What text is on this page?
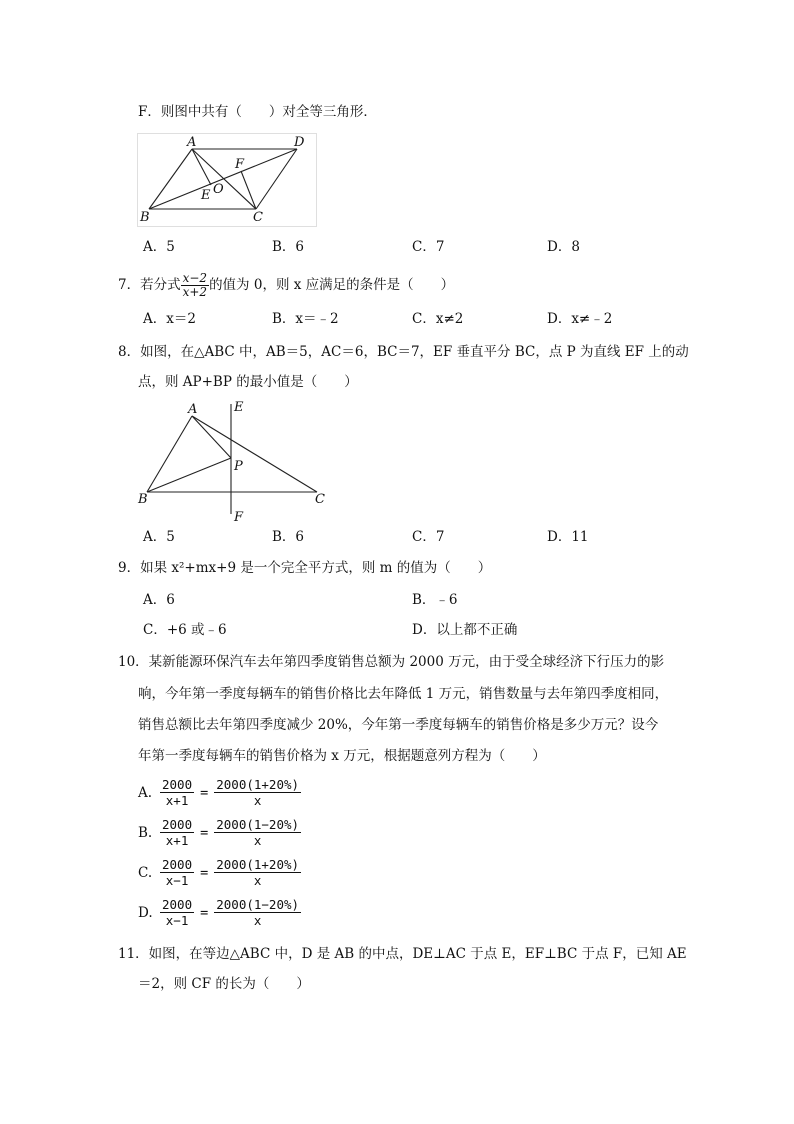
F．则图中共有（　　）对全等三角形．
A	D
F
E O
B	C
A．5	B．6	C．7	D．8
7．若分式 $\frac{x-2}{x+2}$ 的值为 0，则 x 应满足的条件是（　　）
A．x＝2	B．x＝﹣2	C．x≠2	D．x≠﹣2
8．如图，在△ABC 中，AB＝5，AC＝6，BC＝7，EF 垂直平分 BC，点 P 为直线 EF 上的动
点，则 AP+BP 的最小值是（　　）
A	E
P
B	C
F
A．5	B．6	C．7	D．11
9．如果 x²+mx+9 是一个完全平方式，则 m 的值为（　　）
A．6	B．﹣6
C．+6 或﹣6	D．以上都不正确
10．某新能源环保汽车去年第四季度销售总额为 2000 万元，由于受全球经济下行压力的影
响，今年第一季度每辆车的销售价格比去年降低 1 万元，销售数量与去年第四季度相同，
销售总额比去年第四季度减少 20%，今年第一季度每辆车的销售价格是多少万元？设今
年第一季度每辆车的销售价格为 x 万元，根据题意列方程为（　　）
A. $\frac{2000}{x+1} = \frac{2000(1+20\%)}{x}$
B. $\frac{2000}{x+1} = \frac{2000(1-20\%)}{x}$
C. $\frac{2000}{x-1} = \frac{2000(1+20\%)}{x}$
D. $\frac{2000}{x-1} = \frac{2000(1-20\%)}{x}$
11．如图，在等边△ABC 中，D 是 AB 的中点，DE⊥AC 于点 E，EF⊥BC 于点 F，已知 AE
＝2，则 CF 的长为（　　）
